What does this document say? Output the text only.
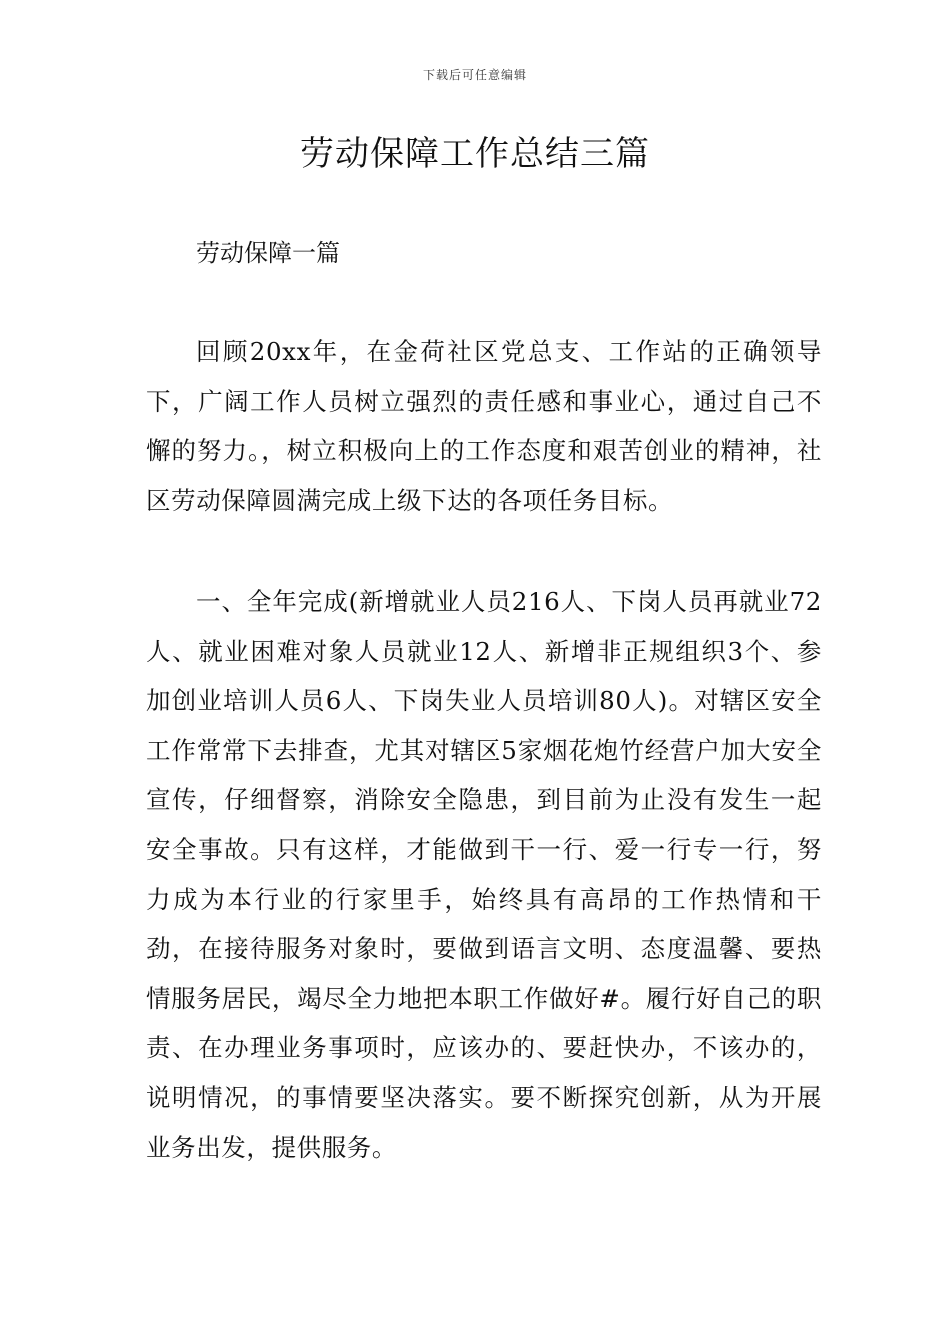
下载后可任意编辑
劳动保障工作总结三篇
劳动保障一篇

回顾20xx年，在金荷社区党总支、工作站的正确领导下，广阔工作人员树立强烈的责任感和事业心，通过自己不懈的努力。，树立积极向上的工作态度和艰苦创业的精神，社区劳动保障圆满完成上级下达的各项任务目标。

一、全年完成(新增就业人员216人、下岗人员再就业72人、就业困难对象人员就业12人、新增非正规组织3个、参加创业培训人员6人、下岗失业人员培训80人)。对辖区安全工作常常下去排查，尤其对辖区5家烟花炮竹经营户加大安全宣传，仔细督察，消除安全隐患，到目前为止没有发生一起安全事故。只有这样，才能做到干一行、爱一行专一行，努力成为本行业的行家里手，始终具有高昂的工作热情和干劲，在接待服务对象时，要做到语言文明、态度温馨、要热情服务居民，竭尽全力地把本职工作做好#。履行好自己的职责、在办理业务事项时，应该办的、要赶快办，不该办的，说明情况，的事情要坚决落实。要不断探究创新，从为开展业务出发，提供服务。
